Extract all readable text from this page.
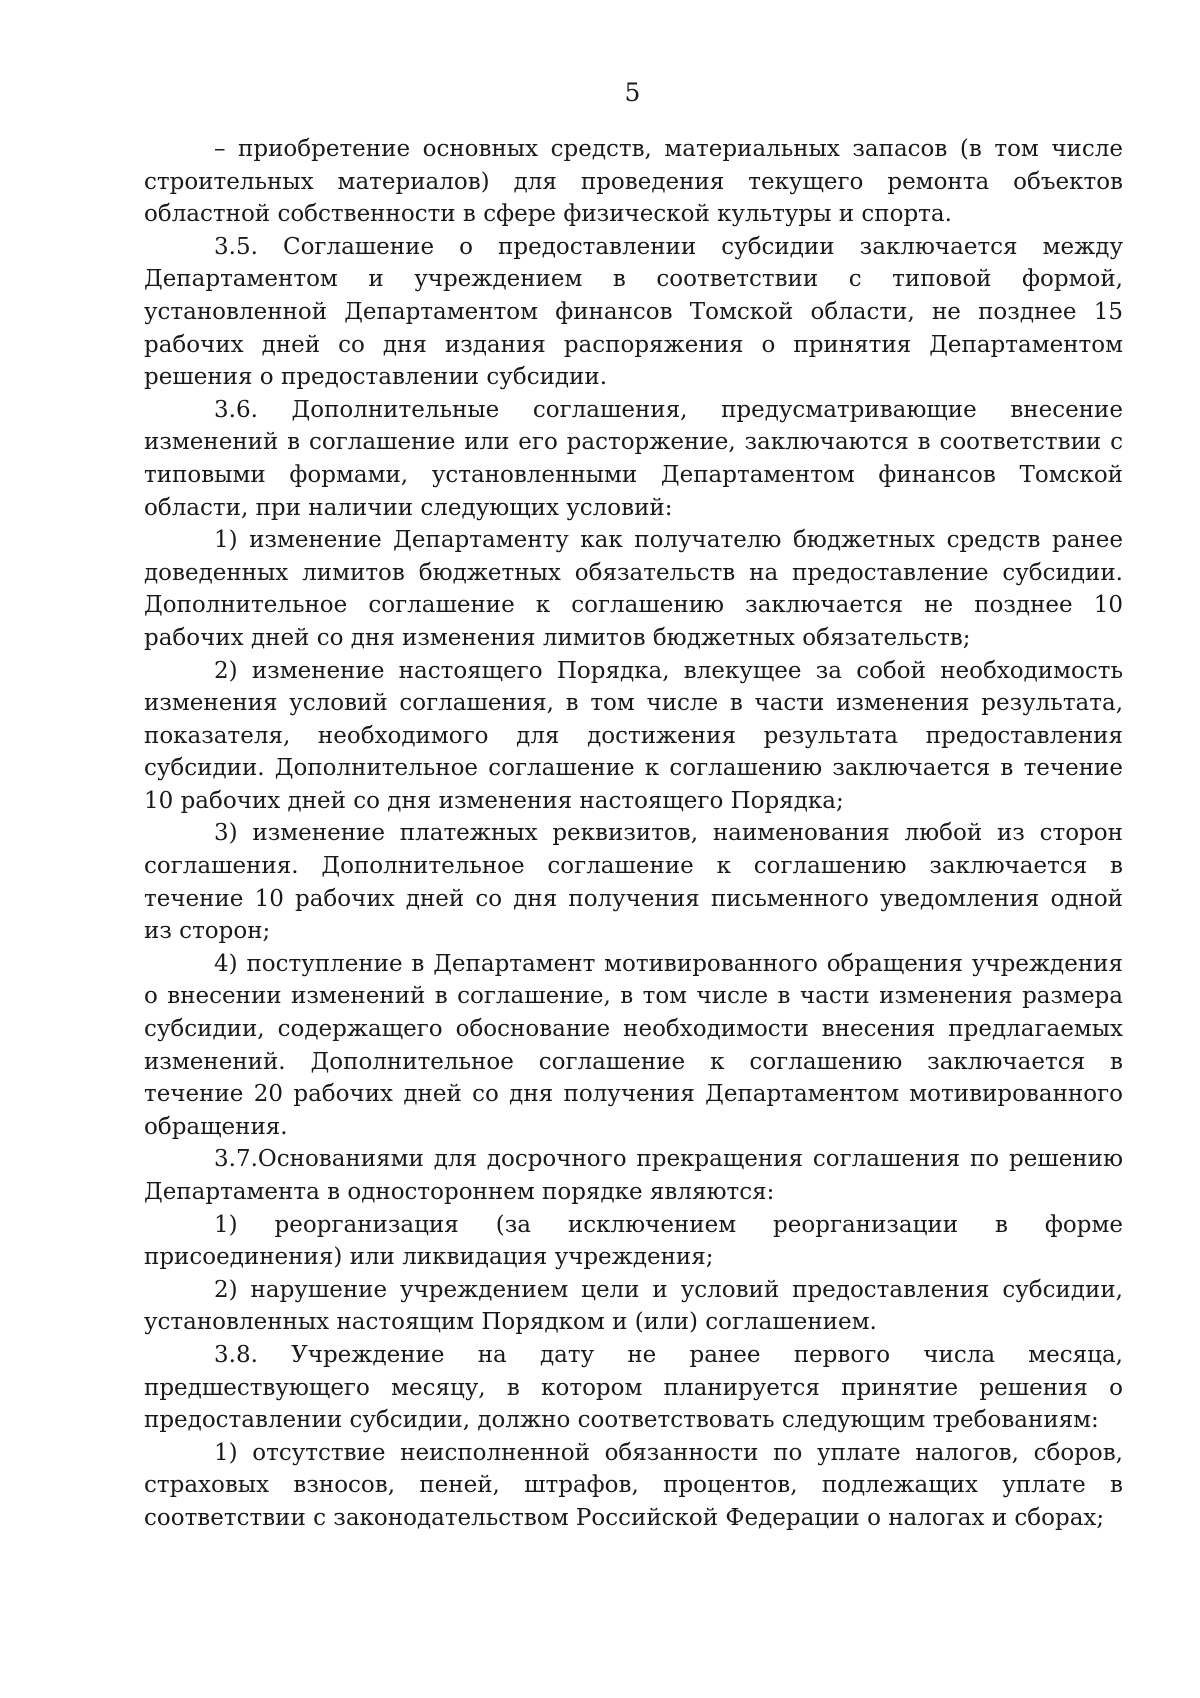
5

– приобретение основных средств, материальных запасов (в том числе строительных материалов) для проведения текущего ремонта объектов областной собственности в сфере физической культуры и спорта.

3.5. Соглашение о предоставлении субсидии заключается между Департаментом и учреждением в соответствии с типовой формой, установленной Департаментом финансов Томской области, не позднее 15 рабочих дней со дня издания распоряжения о принятия Департаментом решения о предоставлении субсидии.

3.6. Дополнительные соглашения, предусматривающие внесение изменений в соглашение или его расторжение, заключаются в соответствии с типовыми формами, установленными Департаментом финансов Томской области, при наличии следующих условий:

1) изменение Департаменту как получателю бюджетных средств ранее доведенных лимитов бюджетных обязательств на предоставление субсидии. Дополнительное соглашение к соглашению заключается не позднее 10 рабочих дней со дня изменения лимитов бюджетных обязательств;

2) изменение настоящего Порядка, влекущее за собой необходимость изменения условий соглашения, в том числе в части изменения результата, показателя, необходимого для достижения результата предоставления субсидии. Дополнительное соглашение к соглашению заключается в течение 10 рабочих дней со дня изменения настоящего Порядка;

3) изменение платежных реквизитов, наименования любой из сторон соглашения. Дополнительное соглашение к соглашению заключается в течение 10 рабочих дней со дня получения письменного уведомления одной из сторон;

4) поступление в Департамент мотивированного обращения учреждения о внесении изменений в соглашение, в том числе в части изменения размера субсидии, содержащего обоснование необходимости внесения предлагаемых изменений. Дополнительное соглашение к соглашению заключается в течение 20 рабочих дней со дня получения Департаментом мотивированного обращения.

3.7.Основаниями для досрочного прекращения соглашения по решению Департамента в одностороннем порядке являются:

1) реорганизация (за исключением реорганизации в форме присоединения) или ликвидация учреждения;

2) нарушение учреждением цели и условий предоставления субсидии, установленных настоящим Порядком и (или) соглашением.

3.8. Учреждение на дату не ранее первого числа месяца, предшествующего месяцу, в котором планируется принятие решения о предоставлении субсидии, должно соответствовать следующим требованиям:

1) отсутствие неисполненной обязанности по уплате налогов, сборов, страховых взносов, пеней, штрафов, процентов, подлежащих уплате в соответствии с законодательством Российской Федерации о налогах и сборах;
